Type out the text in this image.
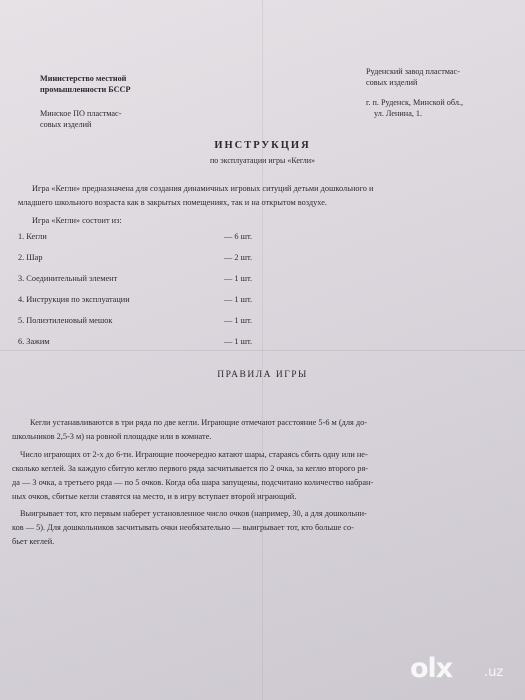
Министерство местной
промышленности БССР
Минское ПО пластмас-
совых изделий
Руденский завод пластмас-
совых изделий
г. п. Руденск, Минской обл.,
ул. Ленина, 1.
ИНСТРУКЦИЯ
по эксплуатации игры «Кегли»
Игра «Кегли» предназначена для создания динамичных игровых ситуций детьми дошкольного и
младшего школьного возраста как в закрытых помещениях, так и на открытом воздухе.
Игра «Кегли» состоит из:
1. Кегли	— 6 шт.
2. Шар	— 2 шт.
3. Соединительный элемент	— 1 шт.
4. Инструкция по эксплуатации	— 1 шт.
5. Полиэтиленовый мешок	— 1 шт.
6. Зажим	— 1 шт.
ПРАВИЛА ИГРЫ
Кегли устанавливаются в три ряда по две кегли. Играющие отмечают расстояние 5-6 м (для до-
школьников 2,5-3 м) на ровной площадке или в комнате.
Число играющих от 2-х до 6-ти. Играющие поочередно катают шары, стараясь сбить одну или не-
сколько кеглей. За каждую сбитую кеглю первого ряда засчитывается по 2 очка, за кеглю второго ря-
да — 3 очка, а третьего ряда — по 5 очков. Когда оба шара запущены, подсчитано количество набран-
ных очков, сбитые кегли ставятся на место, и в игру вступает второй играющий.
Выигрывает тот, кто первым наберет установленное число очков (например, 30, а для дошкольни-
ков — 5). Для дошкольников засчитывать очки необязательно — выигрывает тот, кто больше со-
бьет кеглей.
olx .uz
